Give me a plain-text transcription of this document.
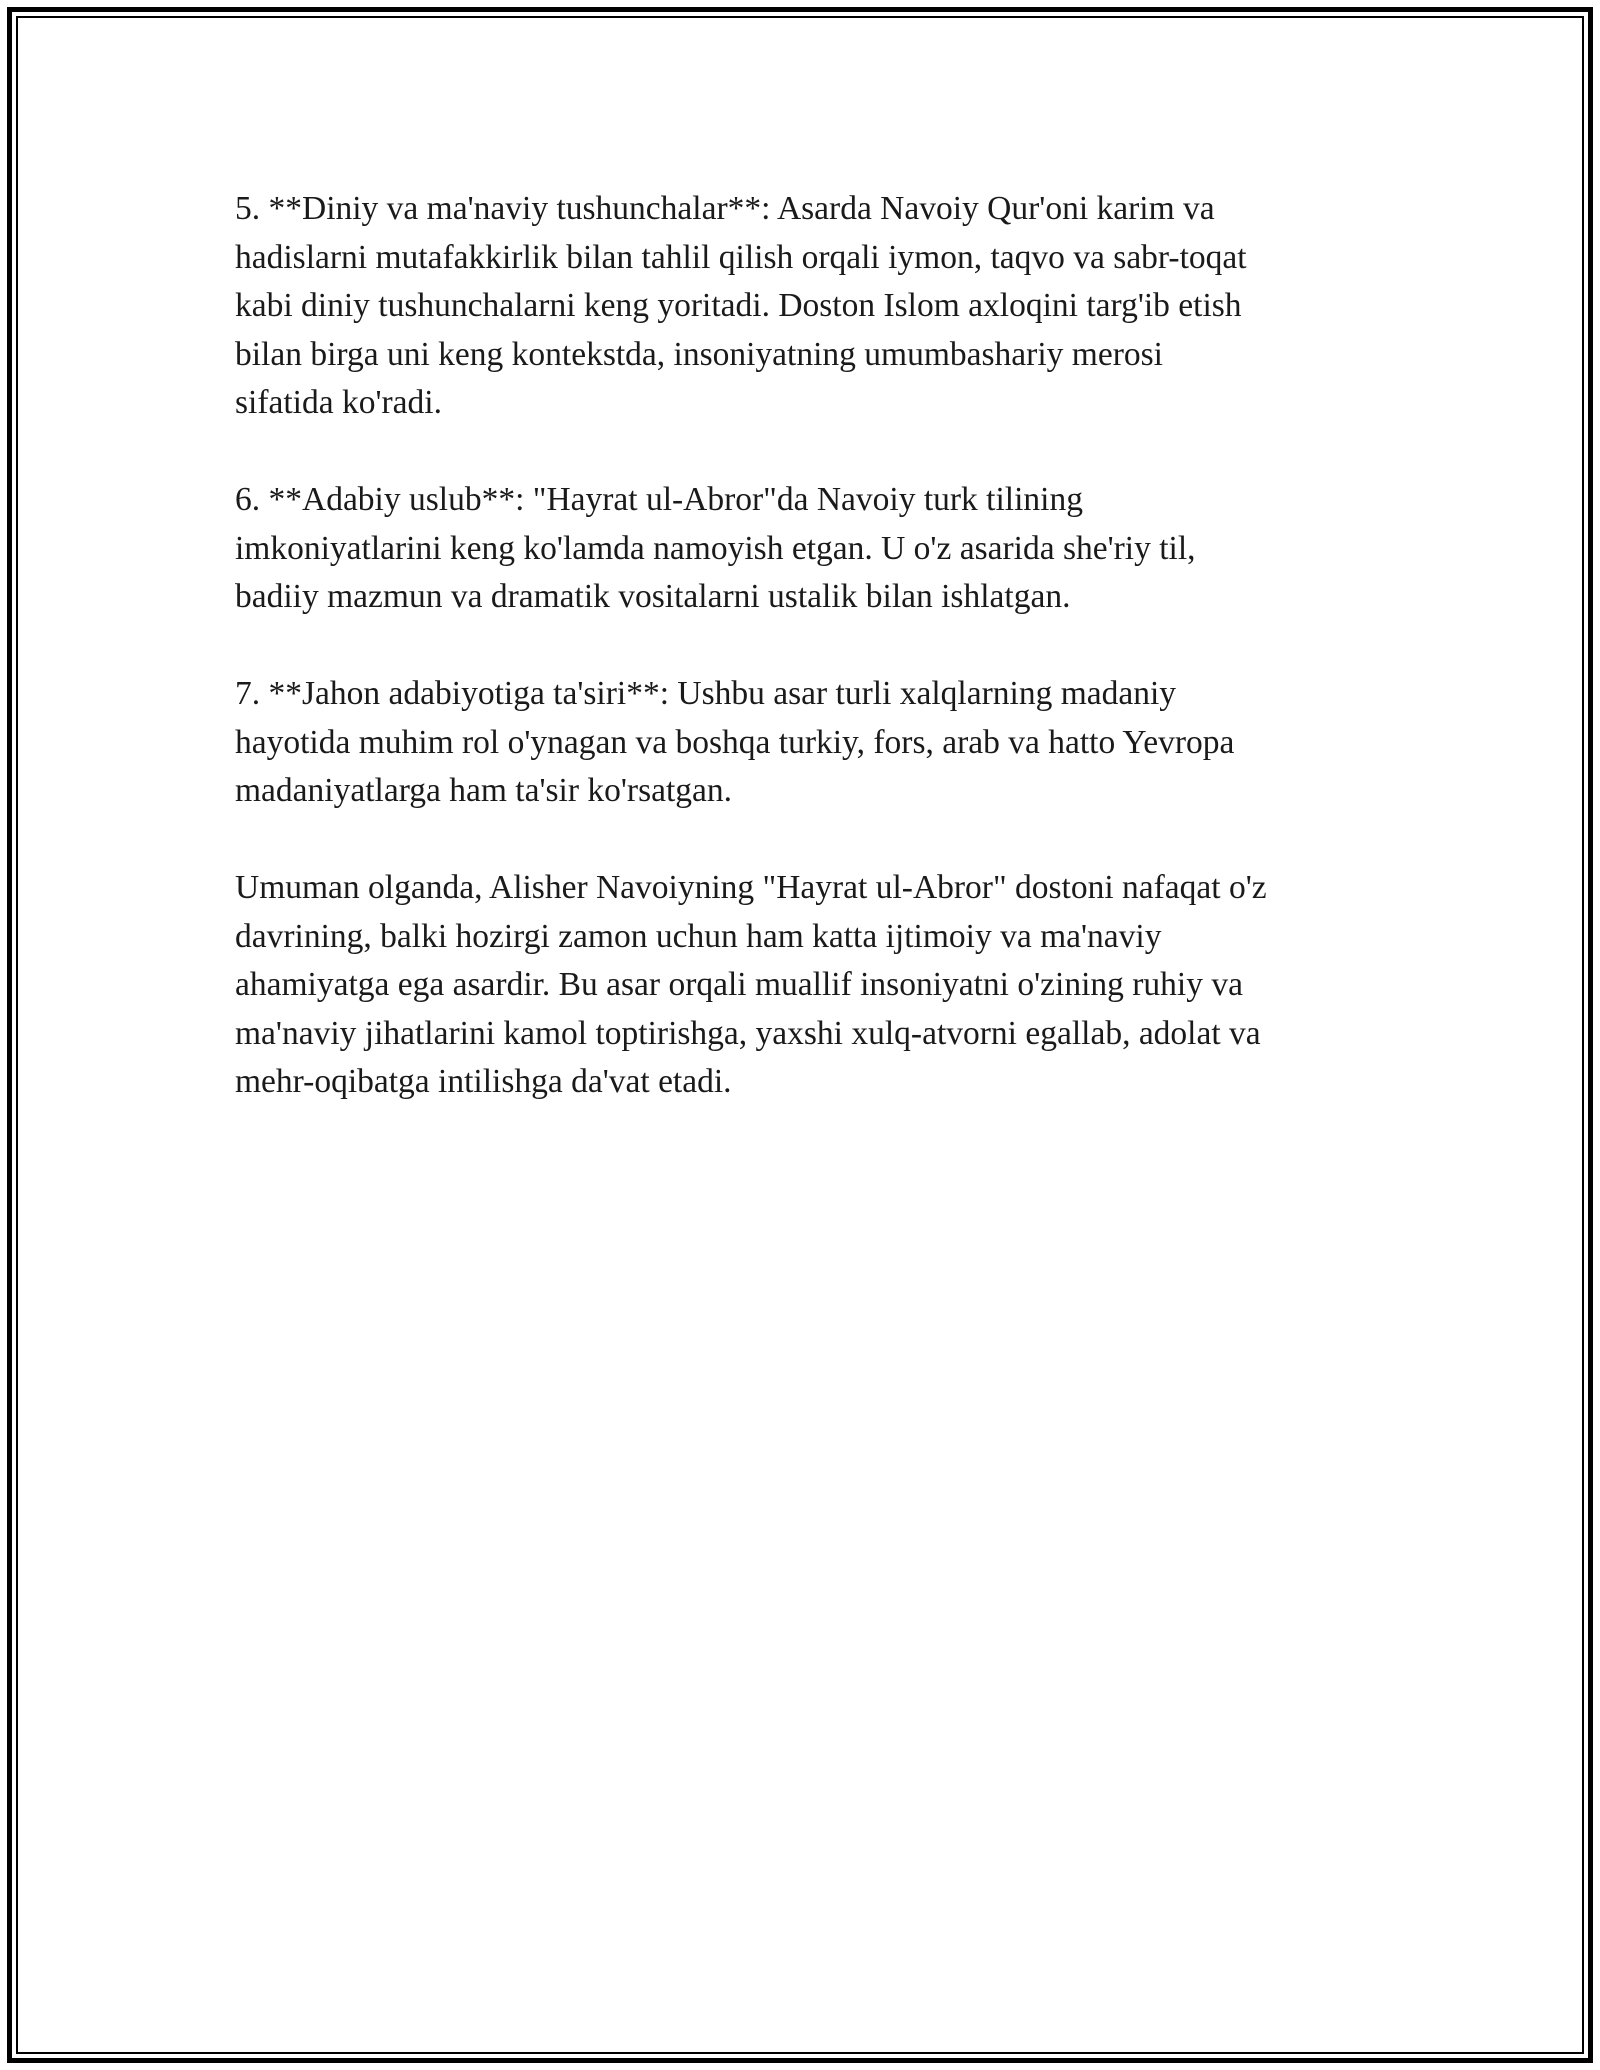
5. **Diniy va ma'naviy tushunchalar**: Asarda Navoiy Qur'oni karim va
hadislarni mutafakkirlik bilan tahlil qilish orqali iymon, taqvo va sabr-toqat
kabi diniy tushunchalarni keng yoritadi. Doston Islom axloqini targ'ib etish
bilan birga uni keng kontekstda, insoniyatning umumbashariy merosi
sifatida ko'radi.

6. **Adabiy uslub**: "Hayrat ul-Abror"da Navoiy turk tilining
imkoniyatlarini keng ko'lamda namoyish etgan. U o'z asarida she'riy til,
badiiy mazmun va dramatik vositalarni ustalik bilan ishlatgan.

7. **Jahon adabiyotiga ta'siri**: Ushbu asar turli xalqlarning madaniy
hayotida muhim rol o'ynagan va boshqa turkiy, fors, arab va hatto Yevropa
madaniyatlarga ham ta'sir ko'rsatgan.

Umuman olganda, Alisher Navoiyning "Hayrat ul-Abror" dostoni nafaqat o'z
davrining, balki hozirgi zamon uchun ham katta ijtimoiy va ma'naviy
ahamiyatga ega asardir. Bu asar orqali muallif insoniyatni o'zining ruhiy va
ma'naviy jihatlarini kamol toptirishga, yaxshi xulq-atvorni egallab, adolat va
mehr-oqibatga intilishga da'vat etadi.
